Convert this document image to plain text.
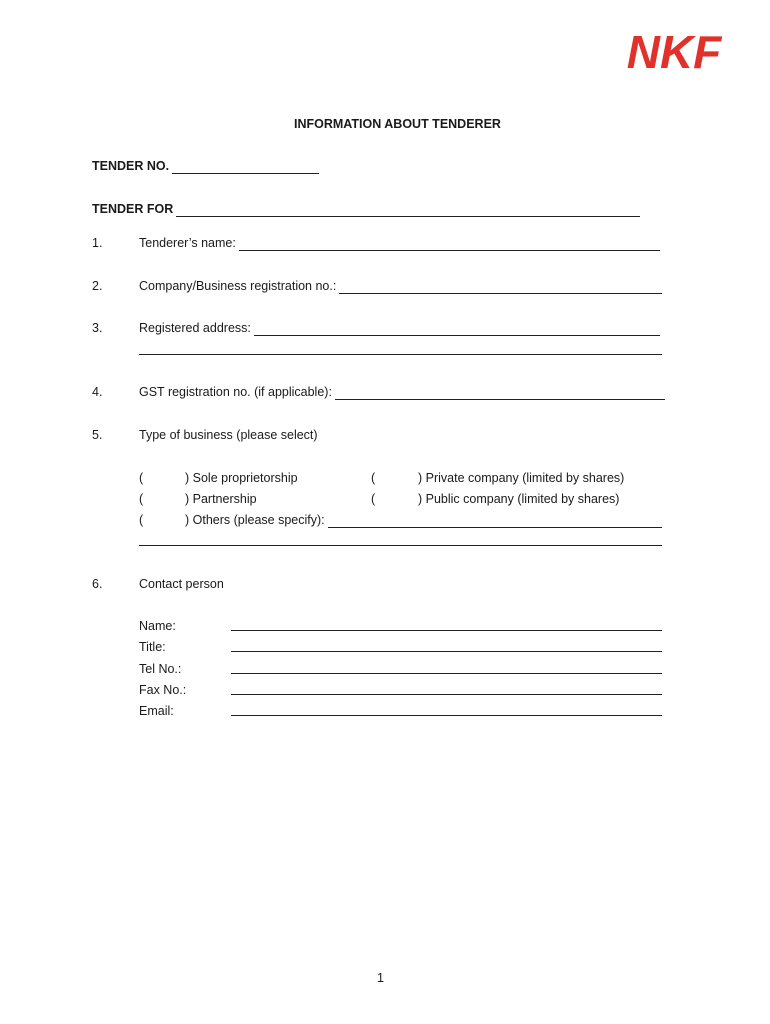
NKF
INFORMATION ABOUT TENDERER
TENDER NO.
TENDER FOR
1.	Tenderer’s name:
2.	Company/Business registration no.:
3.	Registered address:
4.	GST registration no. (if applicable):
5.	Type of business (please select)
(	) Sole proprietorship	(	) Private company (limited by shares)
(	) Partnership	(	) Public company (limited by shares)
(	) Others (please specify):
6.	Contact person
Name:
Title:
Tel No.:
Fax No.:
Email:
1
